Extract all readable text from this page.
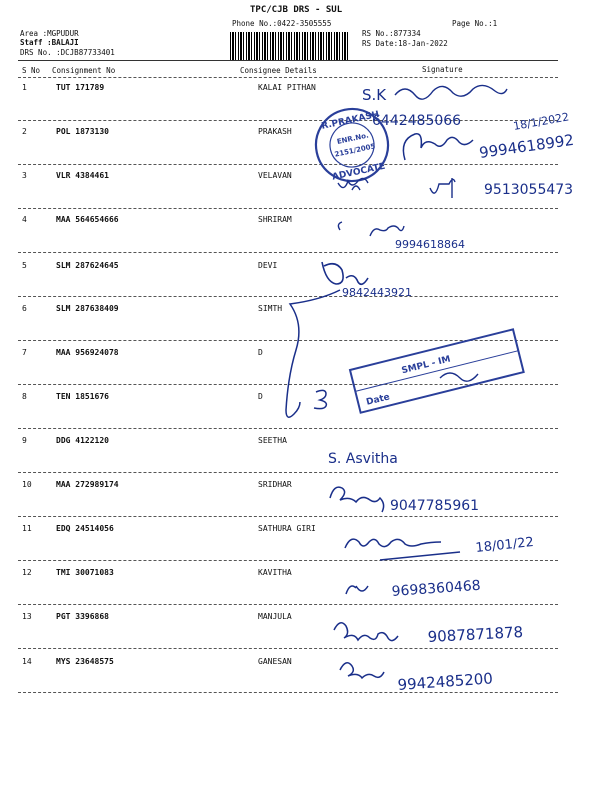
TPC/CJB DRS - SUL
Phone No.:0422-3505555	Page No.:1
Area :MGPUDUR
Staff :BALAJI
DRS No. :DCJB87733401
RS No.:877334
RS Date:18-Jan-2022
S No Consignment No	Consignee Details	Signature
1	TUT 171789	KALAI PITHAN
2	POL 1873130	PRAKASH
3	VLR 4384461	VELAVAN
4	MAA 564654666	SHRIRAM
5	SLM 287624645	DEVI
6	SLM 287638409	SIMTH
7	MAA 956924078	D
8	TEN 1851676	D
9	DDG 4122120	SEETHA
10	MAA 272989174	SRIDHAR
11	EDQ 24514056	SATHURA GIRI
12	TMI 30071083	KAVITHA
13	PGT 3396868	MANJULA
14	MYS 23648575	GANESAN
S.K
6442485066
R.PRAKASH
ADVOCATE
ENR.No.
2151/2005	9994618992
18/1/2022
9513055473
9994618864
9842443921
SMPL - IM
Date
S. Asvitha
9047785961
18/01/22
9698360468
9087871878
9942485200
